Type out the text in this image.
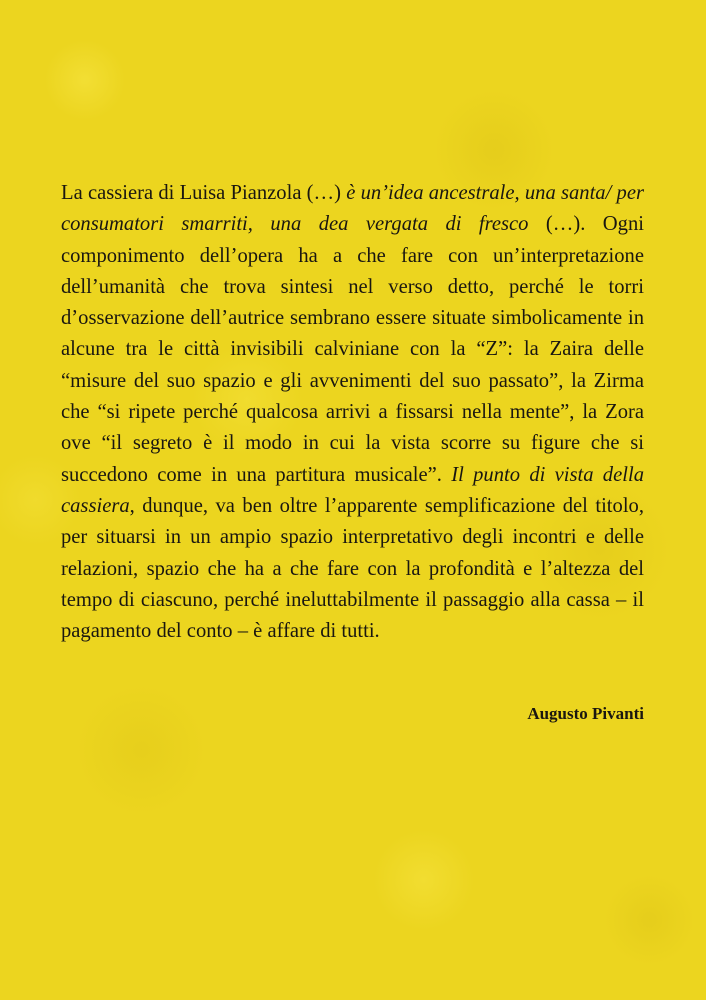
La cassiera di Luisa Pianzola (…) è un’idea ancestrale, una santa/ per consumatori smarriti, una dea vergata di fresco (…). Ogni componimento dell’opera ha a che fare con un’interpretazione dell’umanità che trova sintesi nel verso detto, perché le torri d’osservazione dell’autrice sembrano essere situate simbolicamente in alcune tra le città invisibili calviniane con la “Z”: la Zaira delle “misure del suo spazio e gli avvenimenti del suo passato”, la Zirma che “si ripete perché qualcosa arrivi a fissarsi nella mente”, la Zora ove “il segreto è il modo in cui la vista scorre su figure che si succedono come in una partitura musicale”. Il punto di vista della cassiera, dunque, va ben oltre l’apparente semplificazione del titolo, per situarsi in un ampio spazio interpretativo degli incontri e delle relazioni, spazio che ha a che fare con la profondità e l’altezza del tempo di ciascuno, perché ineluttabilmente il passaggio alla cassa – il pagamento del conto – è affare di tutti.

Augusto Pivanti
